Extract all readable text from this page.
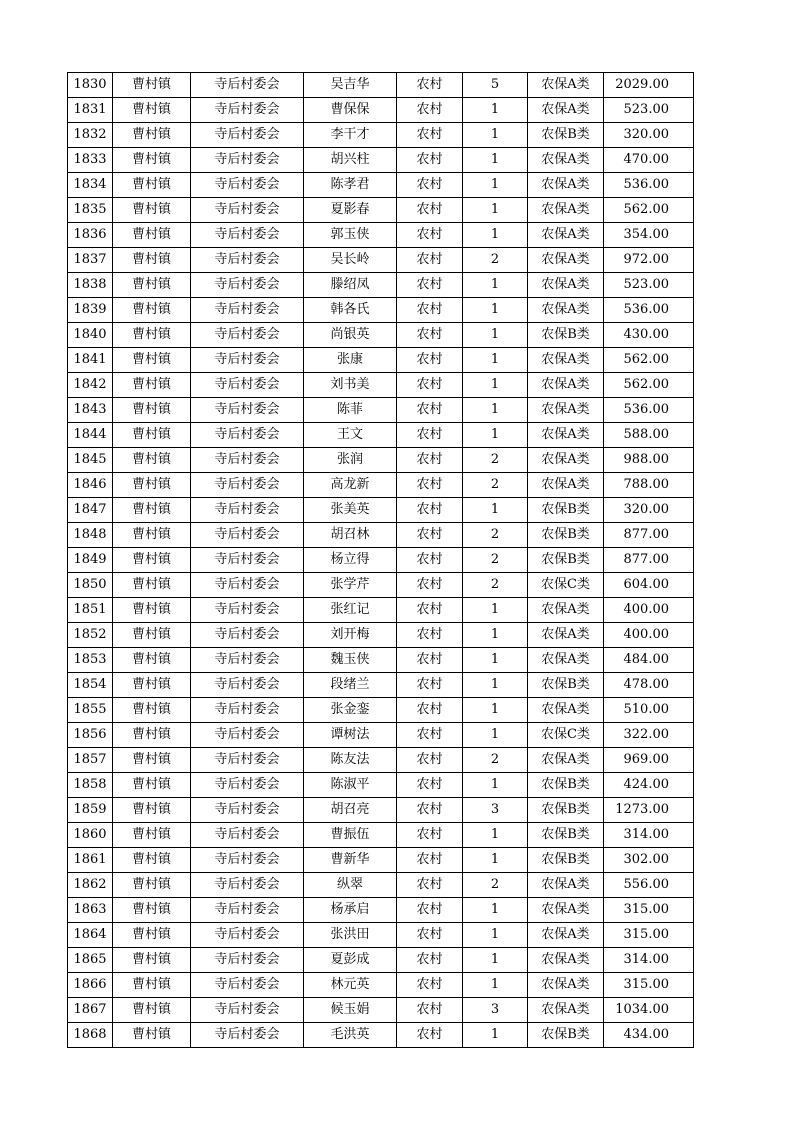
1830	曹村镇	寺后村委会	吴吉华	农村	5	农保A类	2029.00
1831	曹村镇	寺后村委会	曹保保	农村	1	农保A类	523.00
1832	曹村镇	寺后村委会	李干才	农村	1	农保B类	320.00
1833	曹村镇	寺后村委会	胡兴柱	农村	1	农保A类	470.00
1834	曹村镇	寺后村委会	陈孝君	农村	1	农保A类	536.00
1835	曹村镇	寺后村委会	夏影春	农村	1	农保A类	562.00
1836	曹村镇	寺后村委会	郭玉侠	农村	1	农保A类	354.00
1837	曹村镇	寺后村委会	吴长岭	农村	2	农保A类	972.00
1838	曹村镇	寺后村委会	滕绍凤	农村	1	农保A类	523.00
1839	曹村镇	寺后村委会	韩各氏	农村	1	农保A类	536.00
1840	曹村镇	寺后村委会	尚银英	农村	1	农保B类	430.00
1841	曹村镇	寺后村委会	张康	农村	1	农保A类	562.00
1842	曹村镇	寺后村委会	刘书美	农村	1	农保A类	562.00
1843	曹村镇	寺后村委会	陈菲	农村	1	农保A类	536.00
1844	曹村镇	寺后村委会	王文	农村	1	农保A类	588.00
1845	曹村镇	寺后村委会	张润	农村	2	农保A类	988.00
1846	曹村镇	寺后村委会	高龙新	农村	2	农保A类	788.00
1847	曹村镇	寺后村委会	张美英	农村	1	农保B类	320.00
1848	曹村镇	寺后村委会	胡召林	农村	2	农保B类	877.00
1849	曹村镇	寺后村委会	杨立得	农村	2	农保B类	877.00
1850	曹村镇	寺后村委会	张学芹	农村	2	农保C类	604.00
1851	曹村镇	寺后村委会	张红记	农村	1	农保A类	400.00
1852	曹村镇	寺后村委会	刘开梅	农村	1	农保A类	400.00
1853	曹村镇	寺后村委会	魏玉侠	农村	1	农保A类	484.00
1854	曹村镇	寺后村委会	段绪兰	农村	1	农保B类	478.00
1855	曹村镇	寺后村委会	张金銮	农村	1	农保A类	510.00
1856	曹村镇	寺后村委会	谭树法	农村	1	农保C类	322.00
1857	曹村镇	寺后村委会	陈友法	农村	2	农保A类	969.00
1858	曹村镇	寺后村委会	陈淑平	农村	1	农保B类	424.00
1859	曹村镇	寺后村委会	胡召亮	农村	3	农保B类	1273.00
1860	曹村镇	寺后村委会	曹振伍	农村	1	农保B类	314.00
1861	曹村镇	寺后村委会	曹新华	农村	1	农保B类	302.00
1862	曹村镇	寺后村委会	纵翠	农村	2	农保A类	556.00
1863	曹村镇	寺后村委会	杨承启	农村	1	农保A类	315.00
1864	曹村镇	寺后村委会	张洪田	农村	1	农保A类	315.00
1865	曹村镇	寺后村委会	夏彭成	农村	1	农保A类	314.00
1866	曹村镇	寺后村委会	林元英	农村	1	农保A类	315.00
1867	曹村镇	寺后村委会	候玉娟	农村	3	农保A类	1034.00
1868	曹村镇	寺后村委会	毛洪英	农村	1	农保B类	434.00
